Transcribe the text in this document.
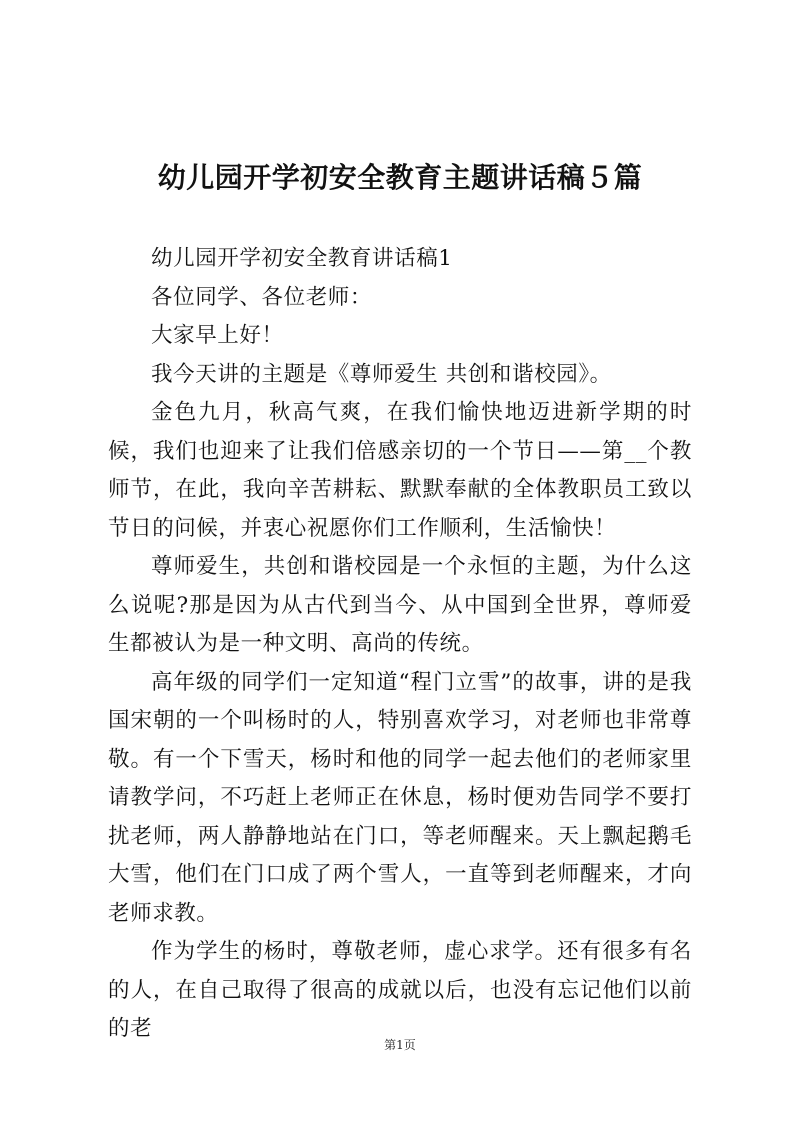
幼儿园开学初安全教育主题讲话稿５篇

幼儿园开学初安全教育讲话稿1

各位同学、各位老师：

大家早上好！

我今天讲的主题是《尊师爱生 共创和谐校园》。

金色九月，秋高气爽，在我们愉快地迈进新学期的时候，我们也迎来了让我们倍感亲切的一个节日——第__个教师节，在此，我向辛苦耕耘、默默奉献的全体教职员工致以节日的问候，并衷心祝愿你们工作顺利，生活愉快！

尊师爱生，共创和谐校园是一个永恒的主题，为什么这么说呢?那是因为从古代到当今、从中国到全世界，尊师爱生都被认为是一种文明、高尚的传统。

高年级的同学们一定知道“程门立雪”的故事，讲的是我国宋朝的一个叫杨时的人，特别喜欢学习，对老师也非常尊敬。有一个下雪天，杨时和他的同学一起去他们的老师家里请教学问，不巧赶上老师正在休息，杨时便劝告同学不要打扰老师，两人静静地站在门口，等老师醒来。天上飘起鹅毛大雪，他们在门口成了两个雪人，一直等到老师醒来，才向老师求教。

作为学生的杨时，尊敬老师，虚心求学。还有很多有名的人，在自己取得了很高的成就以后，也没有忘记他们以前的老

第1页
